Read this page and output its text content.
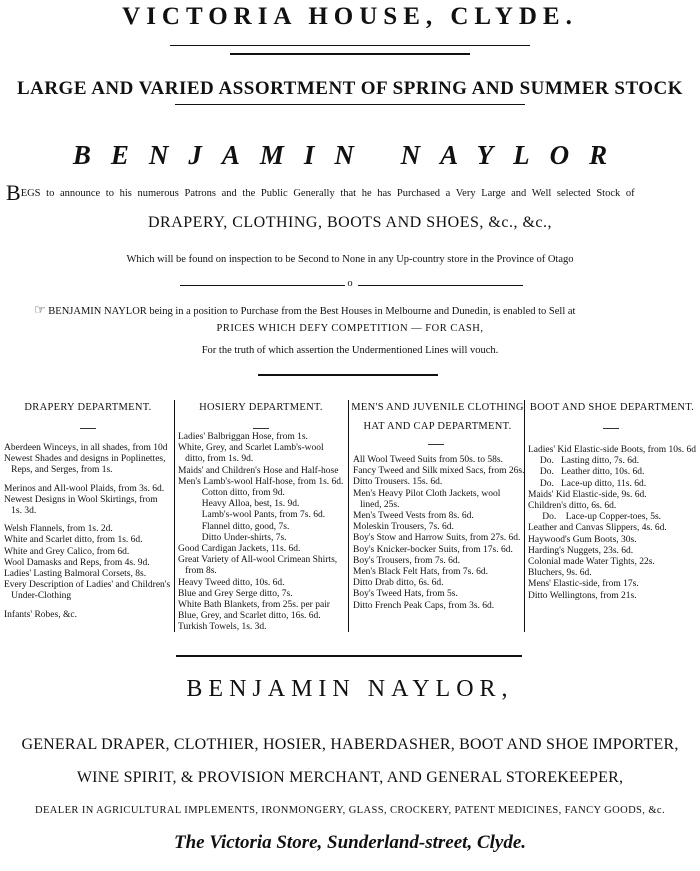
VICTORIA HOUSE, CLYDE.
LARGE AND VARIED ASSORTMENT OF SPRING AND SUMMER STOCK
BENJAMIN NAYLOR
BEGS to announce to his numerous Patrons and the Public Generally that he has Purchased a Very Large and Well selected Stock of
DRAPERY, CLOTHING, BOOTS AND SHOES, &c., &c.,
Which will be found on inspection to be Second to None in any Up-country store in the Province of Otago
o
☞ BENJAMIN NAYLOR being in a position to Purchase from the Best Houses in Melbourne and Dunedin, is enabled to Sell at
PRICES WHICH DEFY COMPETITION — FOR CASH,
For the truth of which assertion the Undermentioned Lines will vouch.
DRAPERY DEPARTMENT.	HOSIERY DEPARTMENT.	MEN'S AND JUVENILE CLOTHING
HAT AND CAP DEPARTMENT.
BOOT AND SHOE DEPARTMENT.
Aberdeen Winceys, in all shades, from 10d
Newest Shades and designs in Poplinettes,
Reps, and Serges, from 1s.
Merinos and All-wool Plaids, from 3s. 6d.
Newest Designs in Wool Skirtings, from
1s. 3d.
Welsh Flannels, from 1s. 2d.
White and Scarlet ditto, from 1s. 6d.
White and Grey Calico, from 6d.
Wool Damasks and Reps, from 4s. 9d.
Ladies' Lasting Balmoral Corsets, 8s.
Every Description of Ladies' and Children's
Under-Clothing
Infants' Robes, &c.
Ladies' Balbriggan Hose, from 1s.
White, Grey, and Scarlet Lamb's-wool
ditto, from 1s. 9d.
Maids' and Children's Hose and Half-hose
Men's Lamb's-wool Half-hose, from 1s. 6d.
Cotton ditto, from 9d.
Heavy Alloa, best, 1s. 9d.
Lamb's-wool Pants, from 7s. 6d.
Flannel ditto, good, 7s.
Ditto Under-shirts, 7s.
Good Cardigan Jackets, 11s. 6d.
Great Variety of All-wool Crimean Shirts,
from 8s.
Heavy Tweed ditto, 10s. 6d.
Blue and Grey Serge ditto, 7s.
White Bath Blankets, from 25s. per pair
Blue, Grey, and Scarlet ditto, 16s. 6d.
Turkish Towels, 1s. 3d.
All Wool Tweed Suits from 50s. to 58s.
Fancy Tweed and Silk mixed Sacs, from 26s.
Ditto Trousers. 15s. 6d.
Men's Heavy Pilot Cloth Jackets, wool
lined, 25s.
Men's Tweed Vests from 8s. 6d.
Moleskin Trousers, 7s. 6d.
Boy's Stow and Harrow Suits, from 27s. 6d.
Boy's Knicker-bocker Suits, from 17s. 6d.
Boy's Trousers, from 7s. 6d.
Men's Black Felt Hats, from 7s. 6d.
Ditto Drab ditto, 6s. 6d.
Boy's Tweed Hats, from 5s.
Ditto French Peak Caps, from 3s. 6d.
Ladies' Kid Elastic-side Boots, from 10s. 6d
Do.   Lasting ditto, 7s. 6d.
Do.   Leather ditto, 10s. 6d.
Do.   Lace-up ditto, 11s. 6d.
Maids' Kid Elastic-side, 9s. 6d.
Children's ditto, 6s. 6d.
Do.    Lace-up Copper-toes, 5s.
Leather and Canvas Slippers, 4s. 6d.
Haywood's Gum Boots, 30s.
Harding's Nuggets, 23s. 6d.
Colonial made Water Tights, 22s.
Bluchers, 9s. 6d.
Mens' Elastic-side, from 17s.
Ditto Wellingtons, from 21s.
BENJAMIN NAYLOR,
GENERAL DRAPER, CLOTHIER, HOSIER, HABERDASHER, BOOT AND SHOE IMPORTER,
WINE SPIRIT, & PROVISION MERCHANT, AND GENERAL STOREKEEPER,
DEALER IN AGRICULTURAL IMPLEMENTS, IRONMONGERY, GLASS, CROCKERY, PATENT MEDICINES, FANCY GOODS, &c.
The Victoria Store, Sunderland-street, Clyde.
